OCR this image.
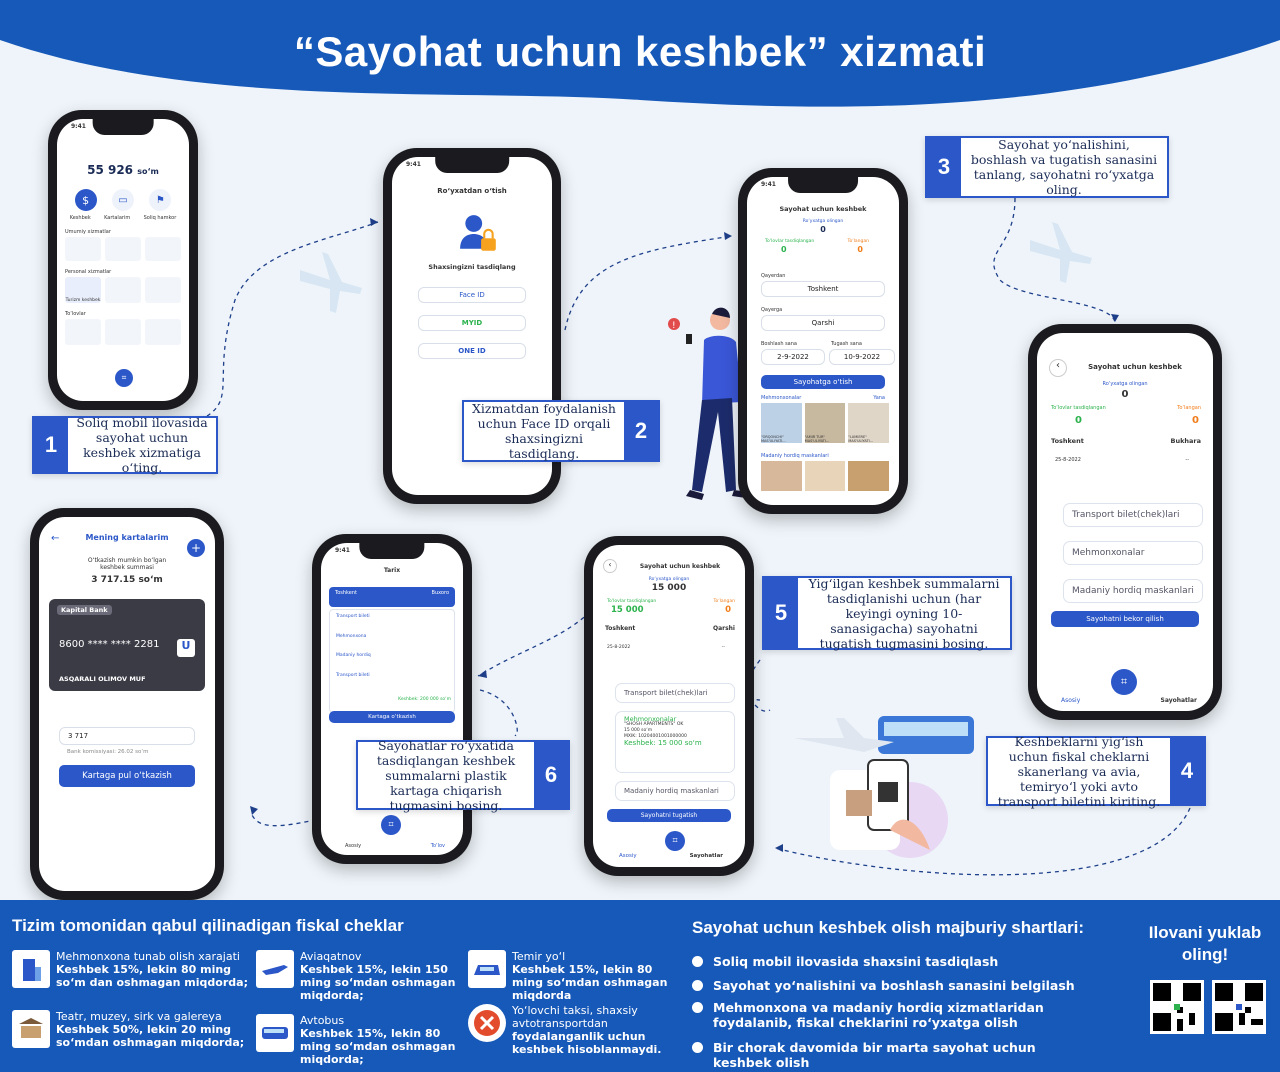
“Sayohat uchun keshbek” xizmati
9:41
55 926 so‘m
$	▭	⚑
Keshbek	Kartalarim	Soliq hamkor
Umumiy xizmatlar
Personal xizmatlar
Turizm keshbek
To‘lovlar
⌗
1
Soliq mobil ilovasida sayohat uchun keshbek xizmatiga o‘ting.
9:41
Ro‘yxatdan o‘tish
Shaxsingizni tasdiqlang
Face ID
MYID
ONE ID
Xizmatdan foydalanish uchun Face ID orqali shaxsingizni tasdiqlang.
2
!
9:41
Sayohat uchun keshbek
Ro‘yxatga olingan
0
To‘lovlar tasdiqlangan
0
To‘langan
0
Qayerdan
Toshkent
Qayerga
Qarshi
Boshlash sana	Tugash sana
2-9-2022	10-9-2022
Sayohatga o‘tish
Mehmonxonalar	Yana
"ORQONCHI" MAS'ULIYATI...
"AMIR TUR" MAS'ULIYATI...
"LUMIERE" MAS'ULIYATI...
Madaniy hordiq maskanlari
3
Sayohat yo‘nalishini, boshlash va tugatish sanasini tanlang, sayohatni ro‘yxatga oling.
‹	Sayohat uchun keshbek
Ro‘yxatga olingan
0
To‘lovlar tasdiqlangan
0
To‘langan
0
Toshkent	Bukhara
25-8-2022	--
Transport bilet(chek)lari
Mehmonxonalar
Madaniy hordiq maskanlari
Sayohatni bekor qilish
⌗
Asosiy	Sayohatlar
Keshbeklarni yig‘ish uchun fiskal cheklarni skanerlang va avia, temiryo‘l yoki avto transport biletini kiriting.
4
‹	Sayohat uchun keshbek
Ro‘yxatga olingan
15 000
To‘lovlar tasdiqlangan
15 000
To‘langan
0
Toshkent	Qarshi
25-8-2022	--
Transport bilet(chek)lari
Mehmonxonalar
"SHOSH APARTMENTS" OK
15 000 so‘m
MXIK: 10204001001000000
Keshbek: 15 000 so‘m
Madaniy hordiq maskanlari
Sayohatni tugatish
⌗
Asosiy	Sayohatlar
5
Yig‘ilgan keshbek summalarni tasdiqlanishi uchun (har keyingi oyning 10-sanasigacha) sayohatni tugatish tugmasini bosing.
9:41
Tarix
Toshkent	Buxoro
Transport bileti
Mehmonxona
Madaniy hordiq
Transport bileti
Keshbek: 200 000 so‘m
Kartaga o‘tkazish
⌗
Asosiy	To‘lov
Sayohatlar ro‘yxatida tasdiqlangan keshbek summalarni plastik kartaga chiqarish tugmasini bosing.
6
←	Mening kartalarim
+
O‘tkazish mumkin bo‘lgan keshbek summasi
3 717.15 so‘m
Kapital Bank
8600 **** **** 2281	U
ASQARALI OLIMOV MUF
3 717
Bank komissiyasi: 26.02 so‘m
Kartaga pul o‘tkazish
Tizim tomonidan qabul qilinadigan fiskal cheklar
Mehmonxona tunab olish xarajati
Keshbek 15%, lekin 80 ming so‘m dan oshmagan miqdorda;
Aviaqatnov
Keshbek 15%, lekin 150 ming so‘mdan oshmagan miqdorda;
Temir yo‘l
Keshbek 15%, lekin 80 ming so‘mdan oshmagan miqdorda
Teatr, muzey, sirk va galereya
Keshbek 50%, lekin 20 ming so‘mdan oshmagan miqdorda;
Avtobus
Keshbek 15%, lekin 80 ming so‘mdan oshmagan miqdorda;
Yo‘lovchi taksi, shaxsiy avtotransportdan
foydalanganlik uchun keshbek hisoblanmaydi.
Sayohat uchun keshbek olish majburiy shartlari:
Soliq mobil ilovasida shaxsini tasdiqlash
Sayohat yo‘nalishini va boshlash sanasini belgilash
Mehmonxona va madaniy hordiq xizmatlaridan foydalanib, fiskal cheklarini ro‘yxatga olish
Bir chorak davomida bir marta sayohat uchun keshbek olish
Ilovani yuklab oling!
